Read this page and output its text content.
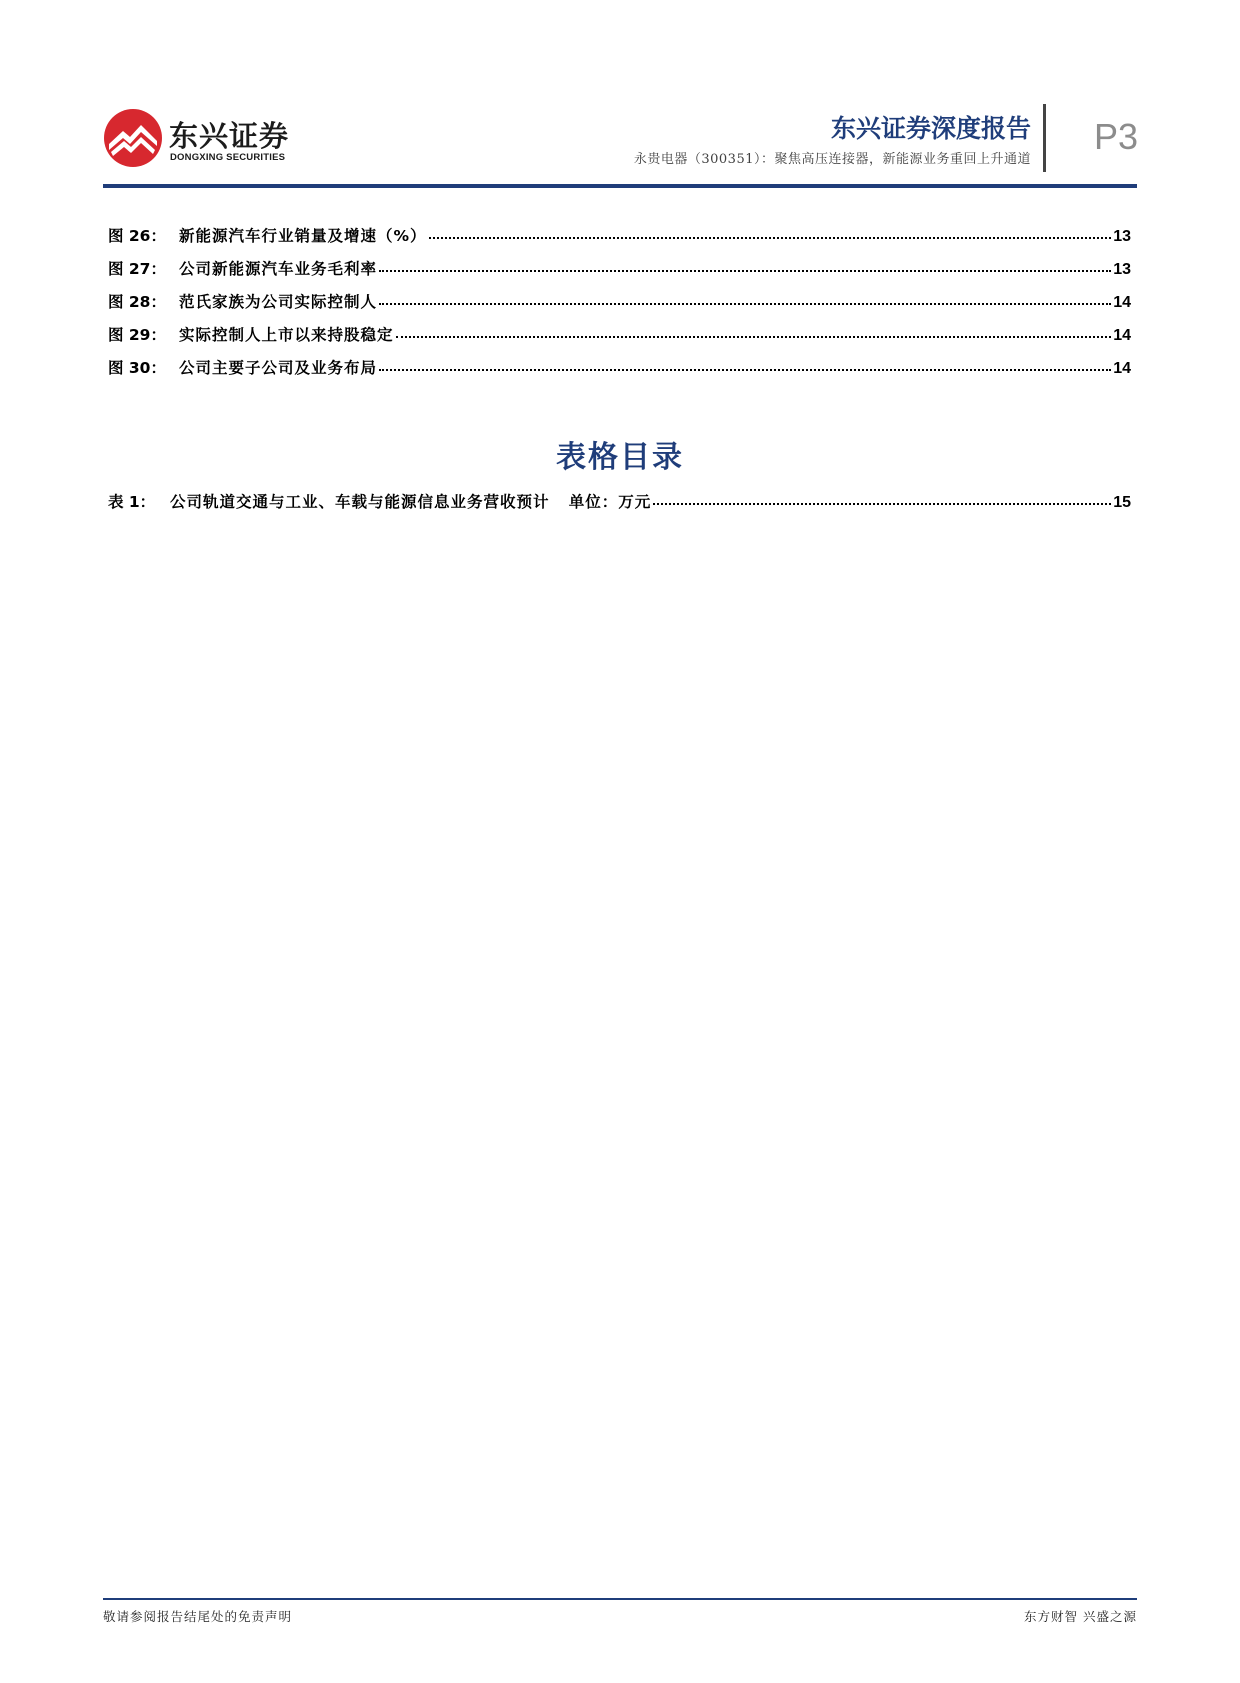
东兴证券
DONGXING SECURITIES
东兴证券深度报告
永贵电器（300351）：聚焦高压连接器，新能源业务重回上升通道
P3
图 26： 新能源汽车行业销量及增速（%）	13
图 27： 公司新能源汽车业务毛利率	13
图 28： 范氏家族为公司实际控制人	14
图 29： 实际控制人上市以来持股稳定	14
图 30： 公司主要子公司及业务布局	14
表格目录
表 1： 公司轨道交通与工业、车载与能源信息业务营收预计   单位：万元	15
敬请参阅报告结尾处的免责声明	东方财智 兴盛之源
